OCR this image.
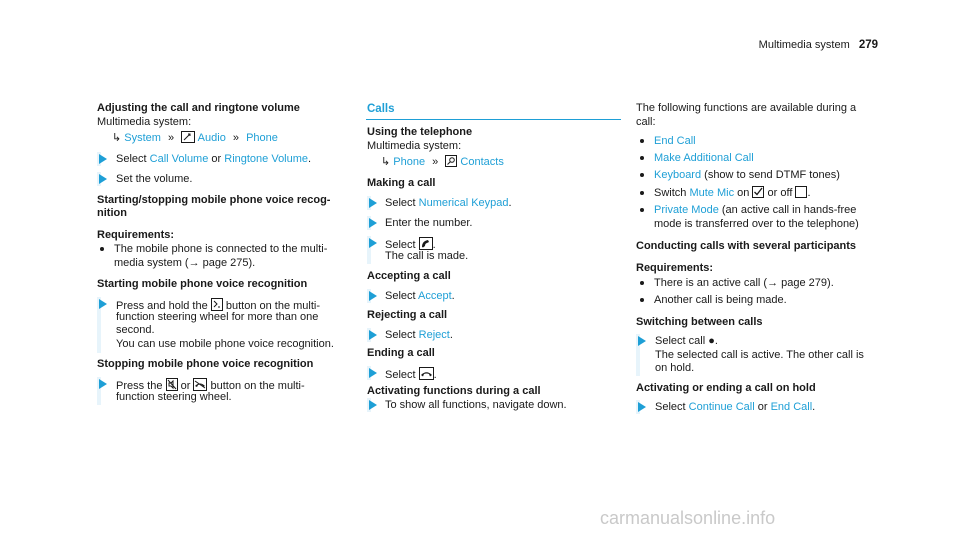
Multimedia system 279
Adjusting the call and ringtone volume
Multimedia system:
↳ System » Audio » Phone
Select Call Volume or Ringtone Volume.
Set the volume.
Starting/stopping mobile phone voice recog-
nition
Requirements:
The mobile phone is connected to the multi-
media system (→ page 275).
Starting mobile phone voice recognition
Press and hold the button on the multi-
function steering wheel for more than one
second.
You can use mobile phone voice recognition.
Stopping mobile phone voice recognition
Press the or button on the multi-
function steering wheel.
Calls
Using the telephone
Multimedia system:
↳ Phone » Contacts
Making a call
Select Numerical Keypad.
Enter the number.
Select .
The call is made.
Accepting a call
Select Accept.
Rejecting a call
Select Reject.
Ending a call
Select .
Activating functions during a call
To show all functions, navigate down.
The following functions are available during a
call:
End Call
Make Additional Call
Keyboard (show to send DTMF tones)
Switch Mute Mic on or off .
Private Mode (an active call in hands-free
mode is transferred over to the telephone)
Conducting calls with several participants
Requirements:
There is an active call (→ page 279).
Another call is being made.
Switching between calls
Select call ●.
The selected call is active. The other call is
on hold.
Activating or ending a call on hold
Select Continue Call or End Call.
carmanualsonline.info
